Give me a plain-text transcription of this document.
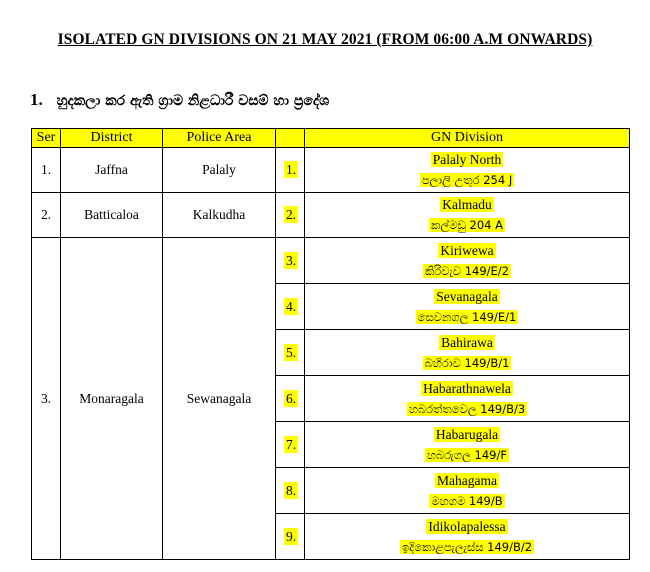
ISOLATED GN DIVISIONS ON 21 MAY 2021 (FROM 06:00 A.M ONWARDS)
1. හුදකලා කර ඇති ග්‍රාම නිළධාරී වසම් හා ප්‍රදේශ
Ser	District	Police Area		GN Division
1.	Jaffna	Palaly	1.	Palaly North
පලාලි උතුර 254 J
2.	Batticaloa	Kalkudha	2.	Kalmadu
කල්මඩු 204 A
3.	Monaragala	Sewanagala	3.	Kiriwewa
කිරිවැව 149/E/2
			4.	Sevanagala
සෙවනගල 149/E/1
			5.	Bahirawa
බහිරාව 149/B/1
			6.	Habarathnawela
හබරත්තවෙල 149/B/3
			7.	Habarugala
හබරුගල 149/F
			8.	Mahagama
මහගම 149/B
			9.	Idikolapalessa
ඉදිකොළපැලැස්ස 149/B/2
